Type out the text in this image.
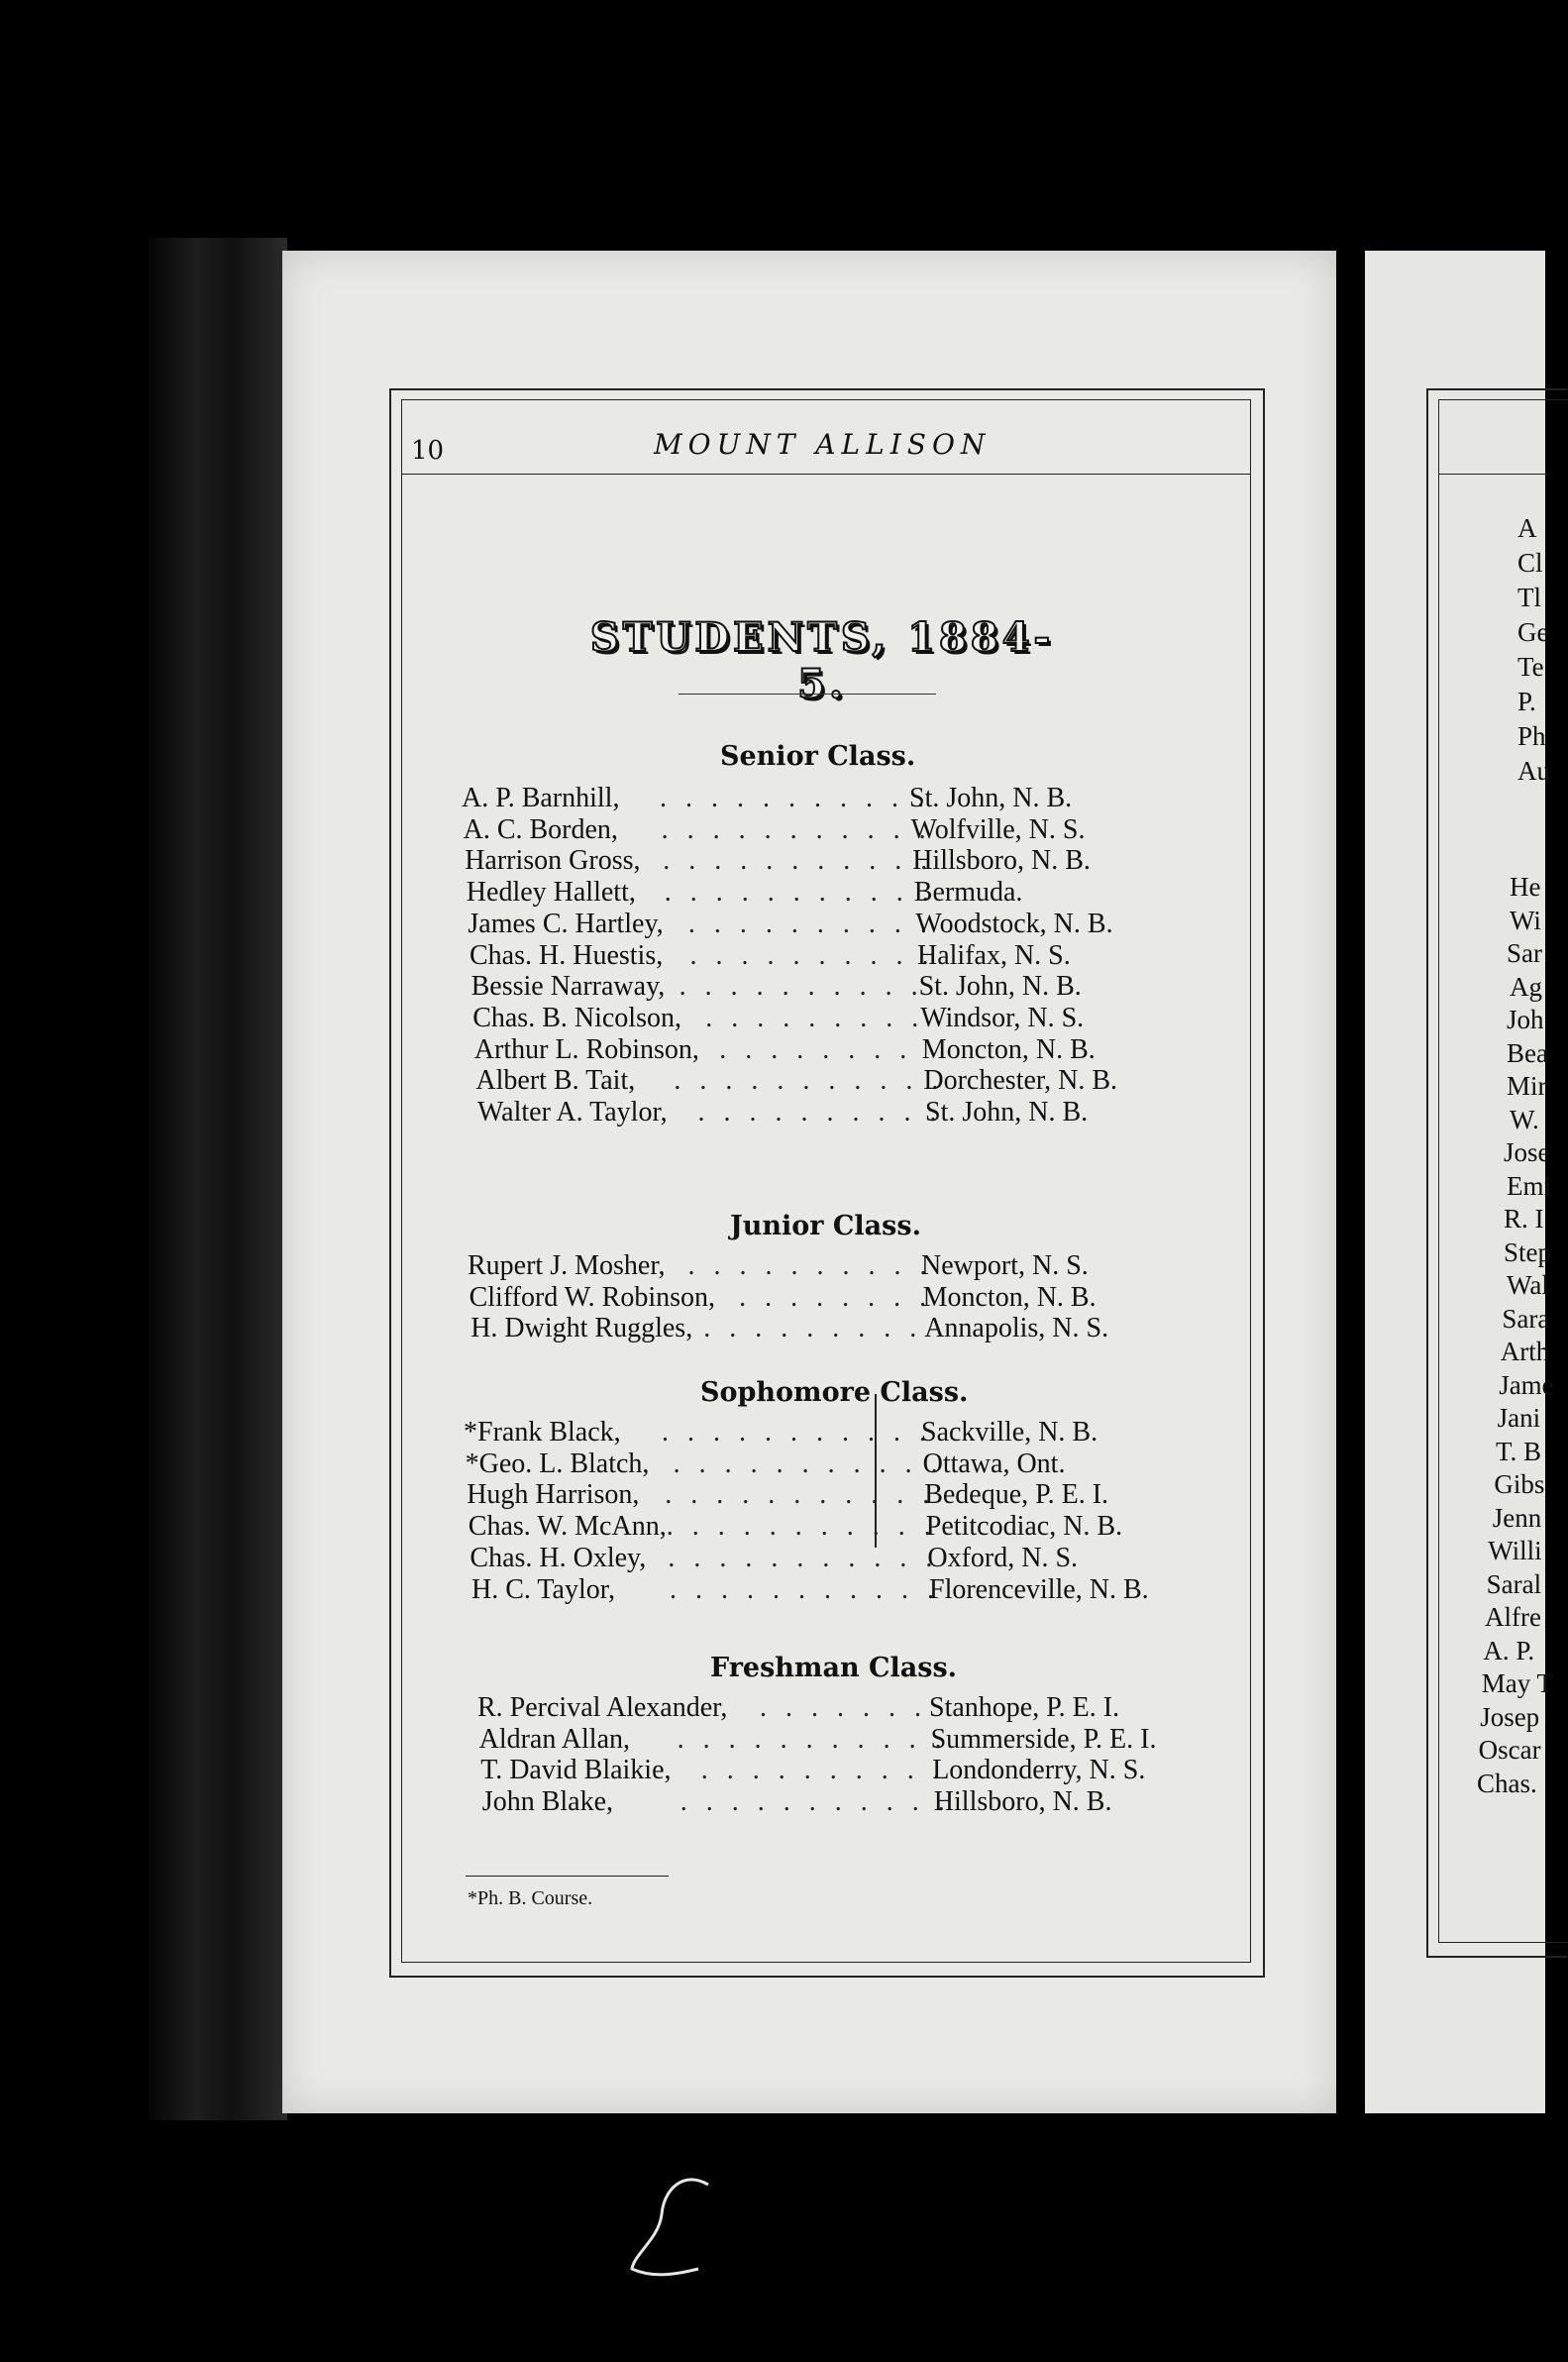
10	MOUNT ALLISON
STUDENTS, 1884-5.
Senior Class.
A. P. Barnhill, . . . . . . . . . . .
St. John, N. B.
A. C. Borden, . . . . . . . . . . .
Wolfville, N. S.
Harrison Gross, . . . . . . . . . . .
Hillsboro, N. B.
Hedley Hallett, . . . . . . . . . . .
Bermuda.
James C. Hartley, . . . . . . . . . .
Woodstock, N. B.
Chas. H. Huestis, . . . . . . . . . .
Halifax, N. S.
Bessie Narraway, . . . . . . . . . .
St. John, N. B.
Chas. B. Nicolson, . . . . . . . . .
Windsor, N. S.
Arthur L. Robinson, . . . . . . . . Moncton, N. B.
Albert B. Tait, . . . . . . . . . . .
Dorchester, N. B.
Walter A. Taylor, . . . . . . . . . .
St. John, N. B.
Junior Class.
Rupert J. Mosher, . . . . . . . . . .
Newport, N. S.
Clifford W. Robinson, . . . . . . . .
Moncton, N. B.
H. Dwight Ruggles, . . . . . . . . . Annapolis, N. S.
Sophomore Class.
*Frank Black, . . . . . . . . . . .
Sackville, N. B.
*Geo. L. Blatch, . . . . . . . . . . .
Ottawa, Ont.
Hugh Harrison, . . . . . . . . . . .
Bedeque, P. E. I.
Chas. W. McAnn, . . . . . . . . . . .
Petitcodiac, N. B.
Chas. H. Oxley, . . . . . . . . . . .
Oxford, N. S.
H. C. Taylor, . . . . . . . . . . .
Florenceville, N. B.
Freshman Class.
R. Percival Alexander, . . . . . . . Stanhope, P. E. I.
Aldran Allan, . . . . . . . . . . .
Summerside, P. E. I.
T. David Blaikie, . . . . . . . . . .
Londonderry, N. S.
John Blake, . . . . . . . . . . .
Hillsboro, N. B.
*Ph. B. Course.
A
Cl
Tl
Ge
Te
P.
Ph
Au
He
Wi
Sar
Ag
Joh
Bea
Mir
W.
Jose
Emi
R. I
Step
Wal
Sara
Arth
Jame
Jani
T. B
Gibs
Jenn
Willi
Saral
Alfre
A. P.
May T
Josep
Oscar
Chas.
